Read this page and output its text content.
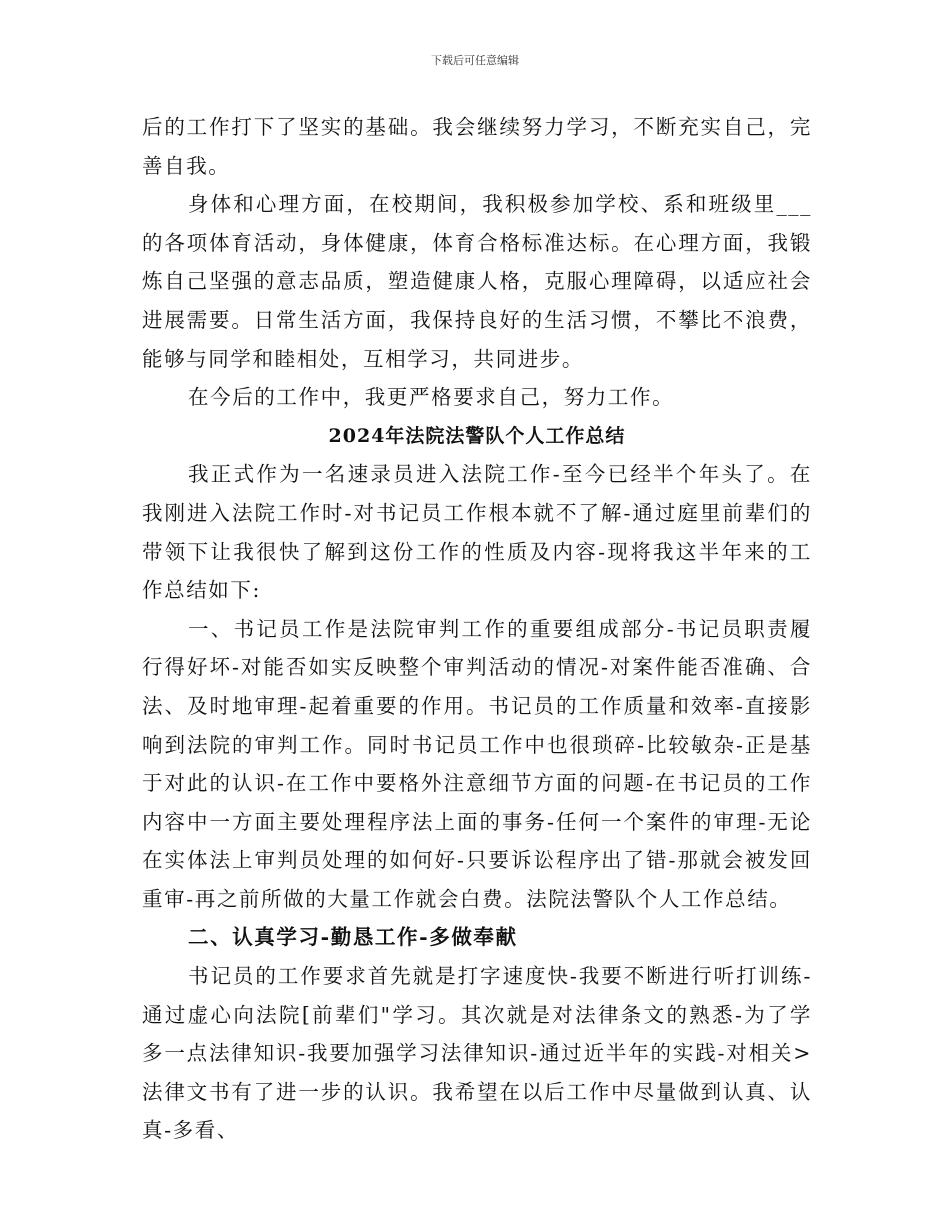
下载后可任意编辑

后的工作打下了坚实的基础。我会继续努力学习，不断充实自己，完善自我。

身体和心理方面，在校期间，我积极参加学校、系和班级里___的各项体育活动，身体健康，体育合格标准达标。在心理方面，我锻炼自己坚强的意志品质，塑造健康人格，克服心理障碍，以适应社会进展需要。日常生活方面，我保持良好的生活习惯，不攀比不浪费，能够与同学和睦相处，互相学习，共同进步。

在今后的工作中，我更严格要求自己，努力工作。

2024年法院法警队个人工作总结

我正式作为一名速录员进入法院工作-至今已经半个年头了。在我刚进入法院工作时-对书记员工作根本就不了解-通过庭里前辈们的带领下让我很快了解到这份工作的性质及内容-现将我这半年来的工作总结如下:

一、书记员工作是法院审判工作的重要组成部分-书记员职责履行得好坏-对能否如实反映整个审判活动的情况-对案件能否准确、合法、及时地审理-起着重要的作用。书记员的工作质量和效率-直接影响到法院的审判工作。同时书记员工作中也很琐碎-比较敏杂-正是基于对此的认识-在工作中要格外注意细节方面的问题-在书记员的工作内容中一方面主要处理程序法上面的事务-任何一个案件的审理-无论在实体法上审判员处理的如何好-只要诉讼程序出了错-那就会被发回重审-再之前所做的大量工作就会白费。法院法警队个人工作总结。

二、认真学习-勤恳工作-多做奉献

书记员的工作要求首先就是打字速度快-我要不断进行听打训练-通过虚心向法院[前辈们"学习。其次就是对法律条文的熟悉-为了学多一点法律知识-我要加强学习法律知识-通过近半年的实践-对相关>法律文书有了进一步的认识。我希望在以后工作中尽量做到认真、认真-多看、
